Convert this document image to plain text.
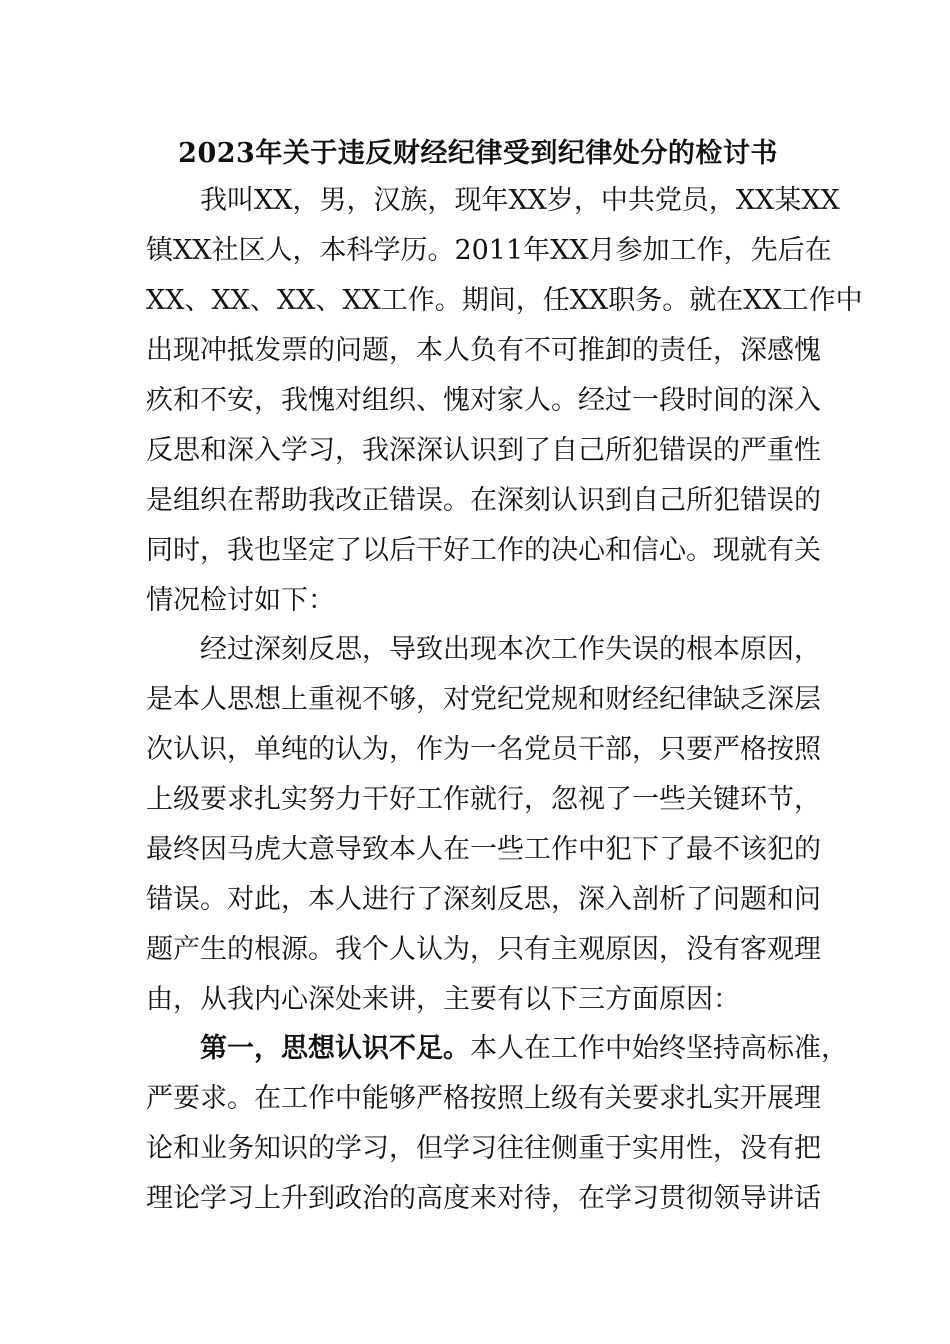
2023年关于违反财经纪律受到纪律处分的检讨书
我叫XX，男，汉族，现年XX岁，中共党员，XX某XX
镇XX社区人，本科学历。2011年XX月参加工作，先后在
XX、XX、XX、XX工作。期间，任XX职务。就在XX工作中
出现冲抵发票的问题，本人负有不可推卸的责任，深感愧
疚和不安，我愧对组织、愧对家人。经过一段时间的深入
反思和深入学习，我深深认识到了自己所犯错误的严重性
是组织在帮助我改正错误。在深刻认识到自己所犯错误的
同时，我也坚定了以后干好工作的决心和信心。现就有关
情况检讨如下：
经过深刻反思，导致出现本次工作失误的根本原因，
是本人思想上重视不够，对党纪党规和财经纪律缺乏深层
次认识，单纯的认为，作为一名党员干部，只要严格按照
上级要求扎实努力干好工作就行，忽视了一些关键环节，
最终因马虎大意导致本人在一些工作中犯下了最不该犯的
错误。对此，本人进行了深刻反思，深入剖析了问题和问
题产生的根源。我个人认为，只有主观原因，没有客观理
由，从我内心深处来讲，主要有以下三方面原因：
第一，思想认识不足。本人在工作中始终坚持高标准，
严要求。在工作中能够严格按照上级有关要求扎实开展理
论和业务知识的学习，但学习往往侧重于实用性，没有把
理论学习上升到政治的高度来对待，在学习贯彻领导讲话
